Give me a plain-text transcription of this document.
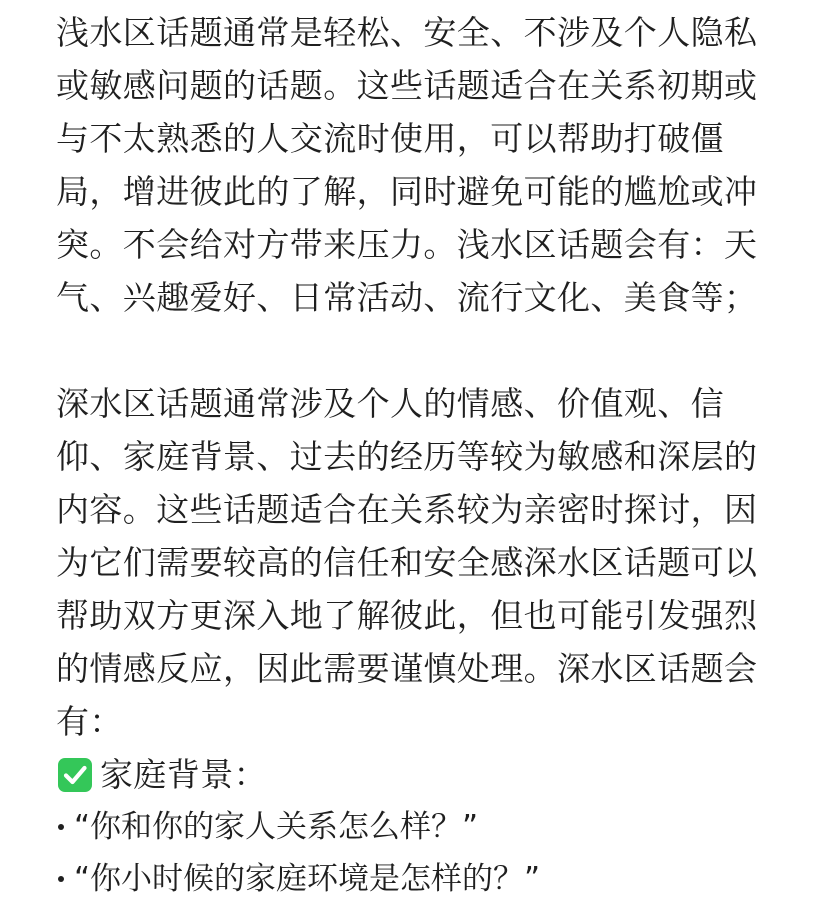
浅水区话题通常是轻松、安全、不涉及个人隐私
或敏感问题的话题。这些话题适合在关系初期或
与不太熟悉的人交流时使用，可以帮助打破僵
局，增进彼此的了解，同时避免可能的尴尬或冲
突。不会给对方带来压力。浅水区话题会有：天
气、兴趣爱好、日常活动、流行文化、美食等；
深水区话题通常涉及个人的情感、价值观、信
仰、家庭背景、过去的经历等较为敏感和深层的
内容。这些话题适合在关系较为亲密时探讨，因
为它们需要较高的信任和安全感深水区话题可以
帮助双方更深入地了解彼此，但也可能引发强烈
的情感反应，因此需要谨慎处理。深水区话题会
有：
家庭背景：
“你和你的家人关系怎么样？”
“你小时候的家庭环境是怎样的？”
